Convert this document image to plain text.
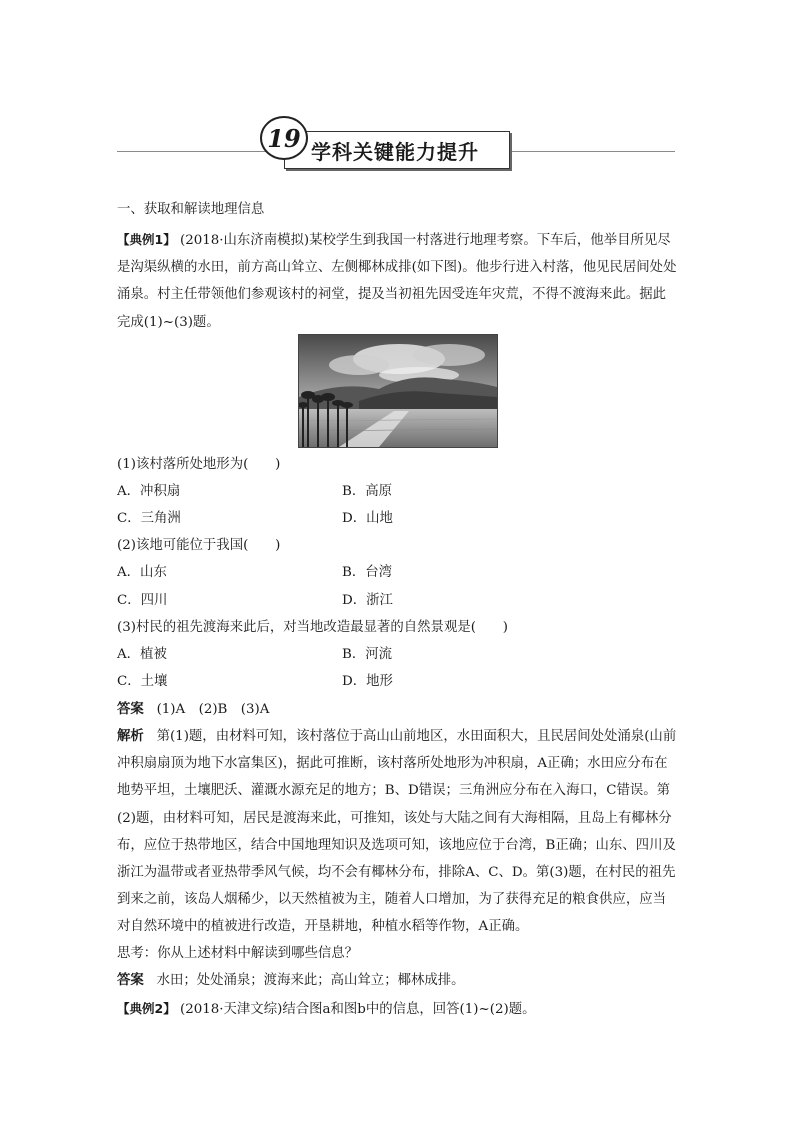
19 学科关键能力提升
一、获取和解读地理信息
【典例1】 (2018·山东济南模拟)某校学生到我国一村落进行地理考察。下车后，他举目所见尽是沟渠纵横的水田，前方高山耸立、左侧椰林成排(如下图)。他步行进入村落，他见民居间处处涌泉。村主任带领他们参观该村的祠堂，提及当初祖先因受连年灾荒，不得不渡海来此。据此完成(1)~(3)题。
(1)该村落所处地形为(　　)
A．冲积扇	B．高原
C．三角洲	D．山地
(2)该地可能位于我国(　　)
A．山东	B．台湾
C．四川	D．浙江
(3)村民的祖先渡海来此后，对当地改造最显著的自然景观是(　　)
A．植被	B．河流
C．土壤	D．地形
答案 (1)A　(2)B　(3)A
解析 第(1)题，由材料可知，该村落位于高山山前地区，水田面积大，且民居间处处涌泉(山前冲积扇扇顶为地下水富集区)，据此可推断，该村落所处地形为冲积扇，A正确；水田应分布在地势平坦，土壤肥沃、灌溉水源充足的地方；B、D错误；三角洲应分布在入海口，C错误。第(2)题，由材料可知，居民是渡海来此，可推知，该处与大陆之间有大海相隔，且岛上有椰林分布，应位于热带地区，结合中国地理知识及选项可知，该地应位于台湾，B正确；山东、四川及浙江为温带或者亚热带季风气候，均不会有椰林分布，排除A、C、D。第(3)题，在村民的祖先到来之前，该岛人烟稀少，以天然植被为主，随着人口增加，为了获得充足的粮食供应，应当对自然环境中的植被进行改造，开垦耕地，种植水稻等作物，A正确。
思考：你从上述材料中解读到哪些信息？
答案 水田；处处涌泉；渡海来此；高山耸立；椰林成排。
【典例2】 (2018·天津文综)结合图a和图b中的信息，回答(1)~(2)题。
